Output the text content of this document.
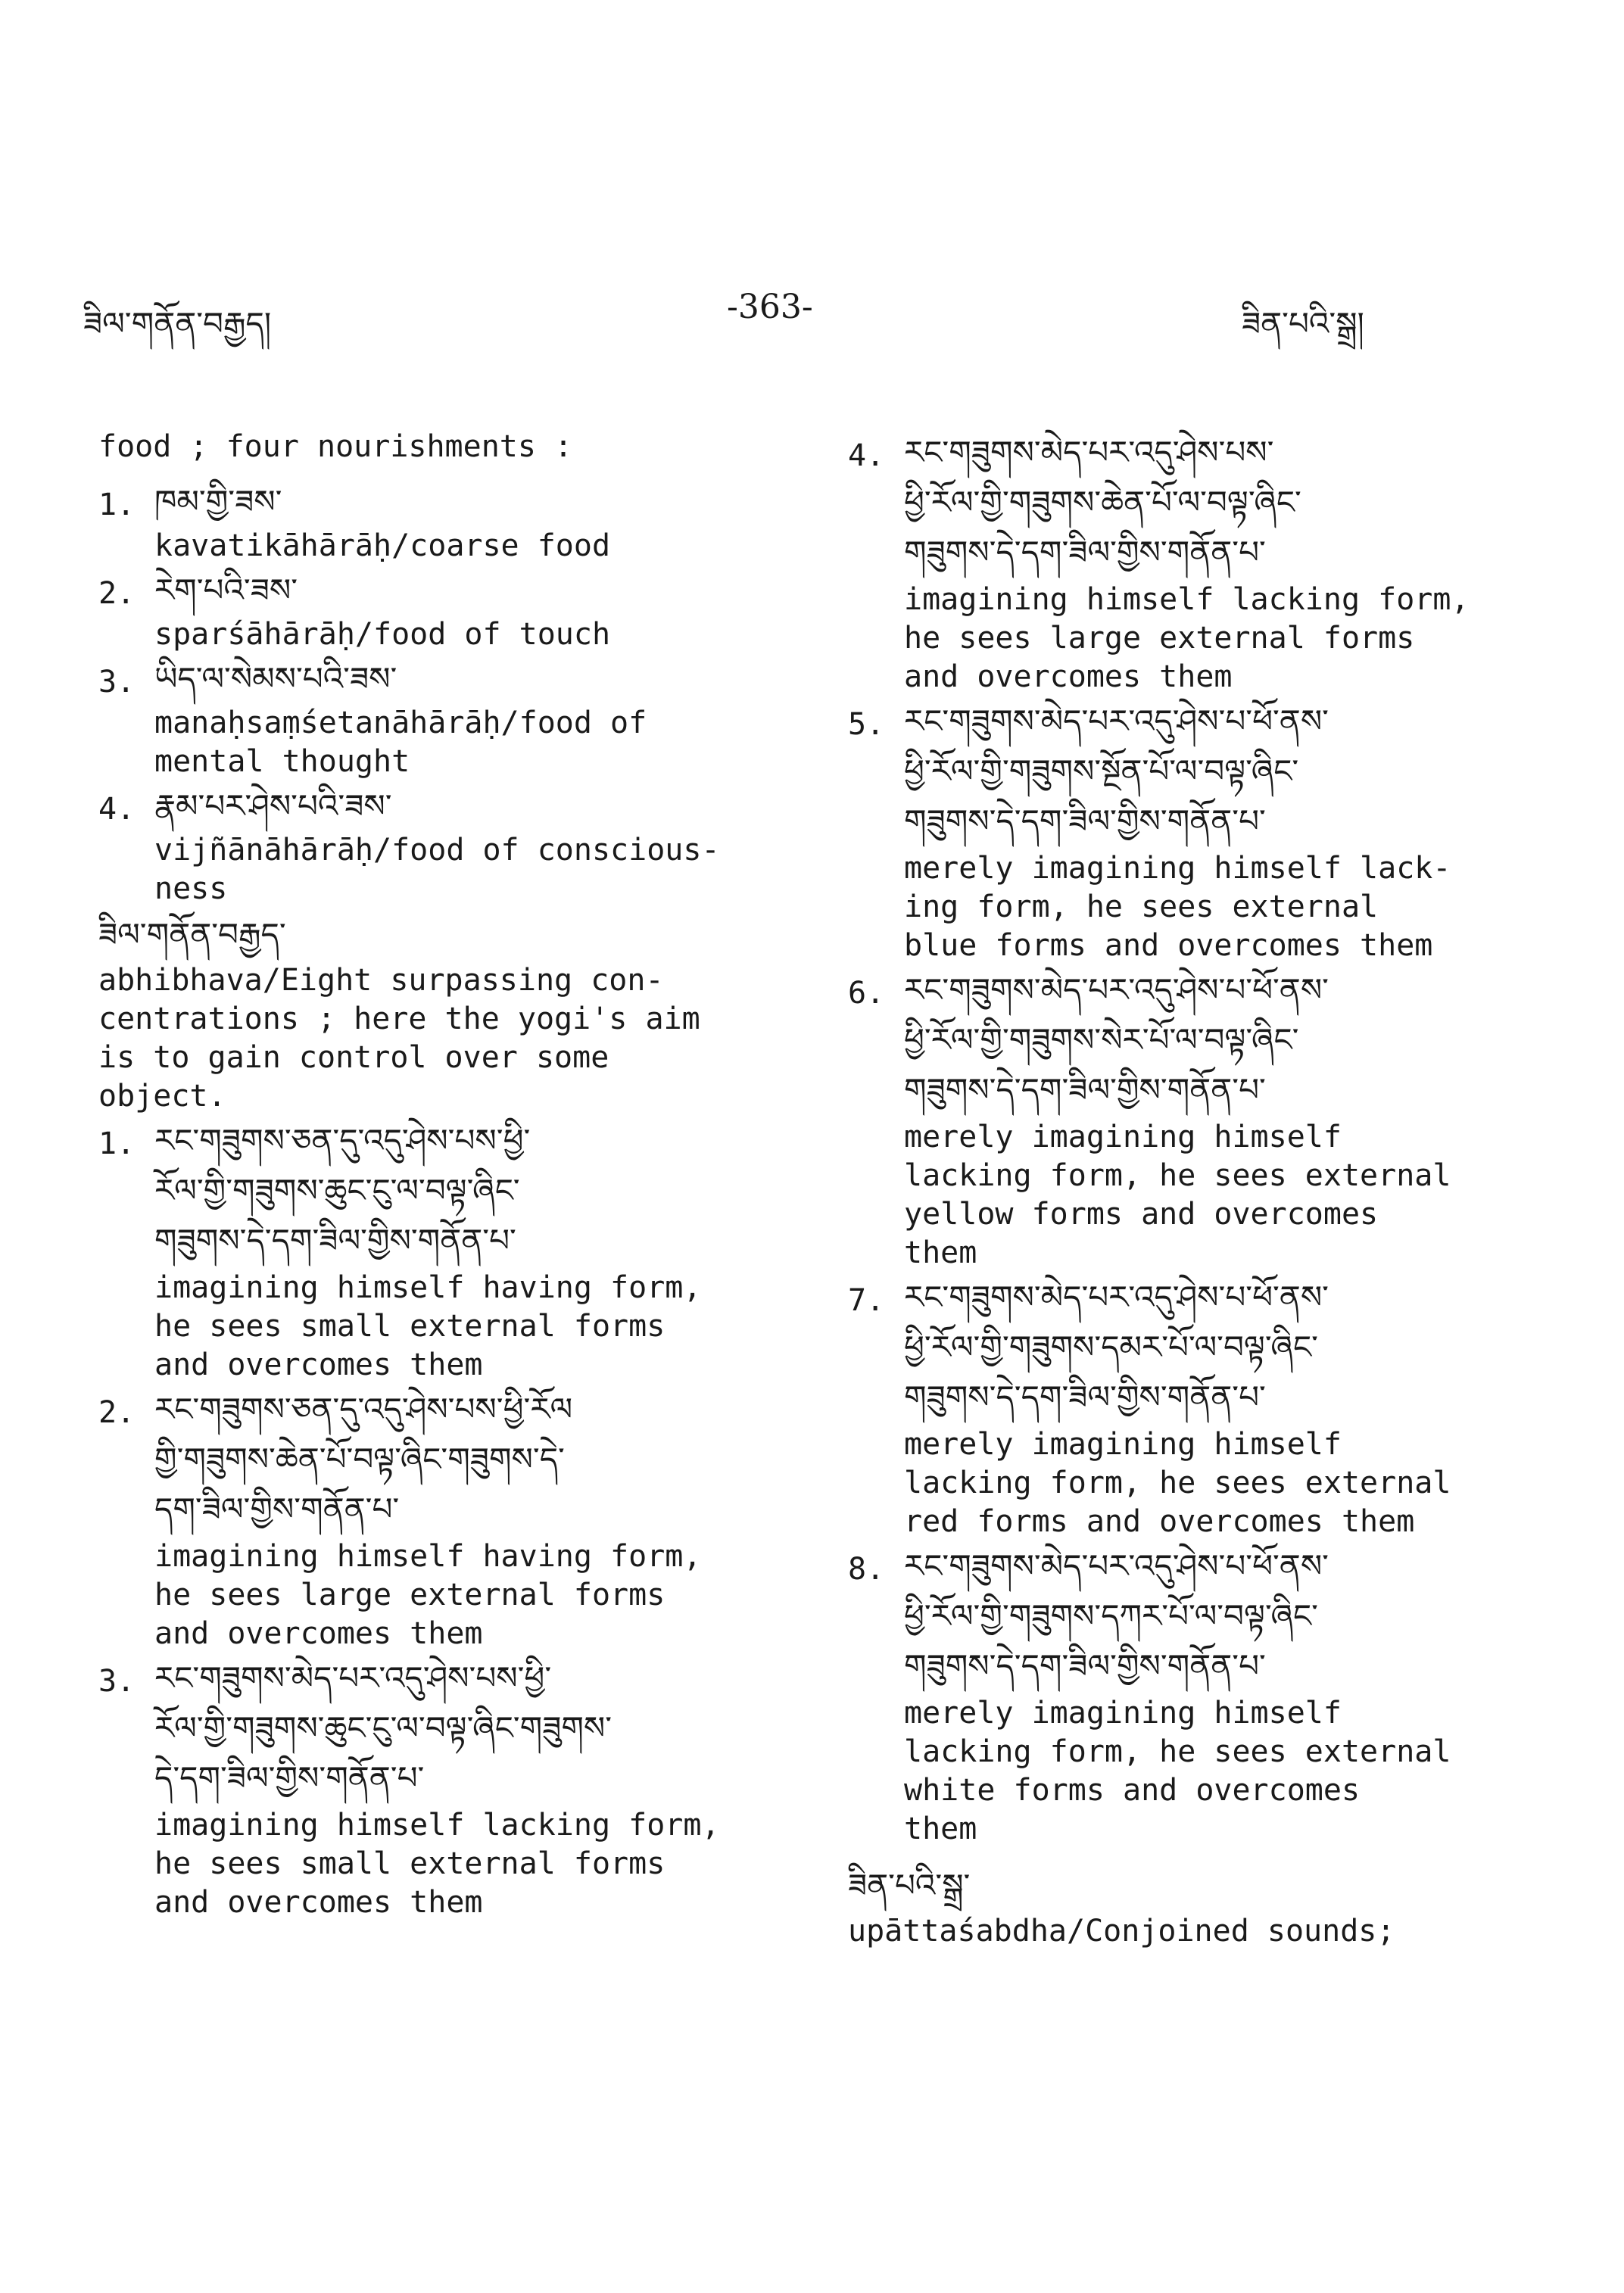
ཟིལ་གནོན་བརྒྱད།	-363-	ཟིན་པའི་སྒྲ།
food ; four nourishments :
1. ཁམ་གྱི་ཟས་
kavatikāhārāḥ/coarse food
2. རེག་པའི་ཟས་
sparśāhārāḥ/food of touch
3. ཡིད་ལ་སེམས་པའི་ཟས་
manaḥsaṃśetanāhārāḥ/food of
mental thought
4. རྣམ་པར་ཤེས་པའི་ཟས་
vijñānāhārāḥ/food of conscious-
ness
ཟིལ་གནོན་བརྒྱད་
abhibhava/Eight surpassing con-
centrations ; here the yogi's aim
is to gain control over some
object.
1. རང་གཟུགས་ཅན་དུ་འདུ་ཤེས་པས་ཕྱི་
རོལ་གྱི་གཟུགས་ཆུང་ངུ་ལ་བལྟ་ཞིང་
གཟུགས་དེ་དག་ཟིལ་གྱིས་གནོན་པ་
imagining himself having form,
he sees small external forms
and overcomes them
2. རང་གཟུགས་ཅན་དུ་འདུ་ཤེས་པས་ཕྱི་རོལ
གྱི་གཟུགས་ཆེན་པོ་བལྟ་ཞིང་གཟུགས་དེ་
དག་ཟིལ་གྱིས་གནོན་པ་
imagining himself having form,
he sees large external forms
and overcomes them
3. རང་གཟུགས་མེད་པར་འདུ་ཤེས་པས་ཕྱི་
རོལ་གྱི་གཟུགས་ཆུང་ངུ་ལ་བལྟ་ཞིང་གཟུགས་
དེ་དག་ཟིལ་གྱིས་གནོན་པ་
imagining himself lacking form,
he sees small external forms
and overcomes them
4. རང་གཟུགས་མེད་པར་འདུ་ཤེས་པས་
ཕྱི་རོལ་གྱི་གཟུགས་ཆེན་པོ་ལ་བལྟ་ཞིང་
གཟུགས་དེ་དག་ཟིལ་གྱིས་གནོན་པ་
imagining himself lacking form,
he sees large external forms
and overcomes them
5. རང་གཟུགས་མེད་པར་འདུ་ཤེས་པ་ཕོ་ནས་
ཕྱི་རོལ་གྱི་གཟུགས་སྔོན་པོ་ལ་བལྟ་ཞིང་
གཟུགས་དེ་དག་ཟིལ་གྱིས་གནོན་པ་
merely imagining himself lack-
ing form, he sees external
blue forms and overcomes them
6. རང་གཟུགས་མེད་པར་འདུ་ཤེས་པ་ཕོ་ནས་
ཕྱི་རོལ་གྱི་གཟུགས་སེར་པོ་ལ་བལྟ་ཞིང་
གཟུགས་དེ་དག་ཟིལ་གྱིས་གནོན་པ་
merely imagining himself
lacking form, he sees external
yellow forms and overcomes
them
7. རང་གཟུགས་མེད་པར་འདུ་ཤེས་པ་ཕོ་ནས་
ཕྱི་རོལ་གྱི་གཟུགས་དམར་པོ་ལ་བལྟ་ཞིང་
གཟུགས་དེ་དག་ཟིལ་གྱིས་གནོན་པ་
merely imagining himself
lacking form, he sees external
red forms and overcomes them
8. རང་གཟུགས་མེད་པར་འདུ་ཤེས་པ་ཕོ་ནས་
ཕྱི་རོལ་གྱི་གཟུགས་དཀར་པོ་ལ་བལྟ་ཞིང་
གཟུགས་དེ་དག་ཟིལ་གྱིས་གནོན་པ་
merely imagining himself
lacking form, he sees external
white forms and overcomes
them
ཟིན་པའི་སྒྲ་
upāttaśabdha/Conjoined sounds;
